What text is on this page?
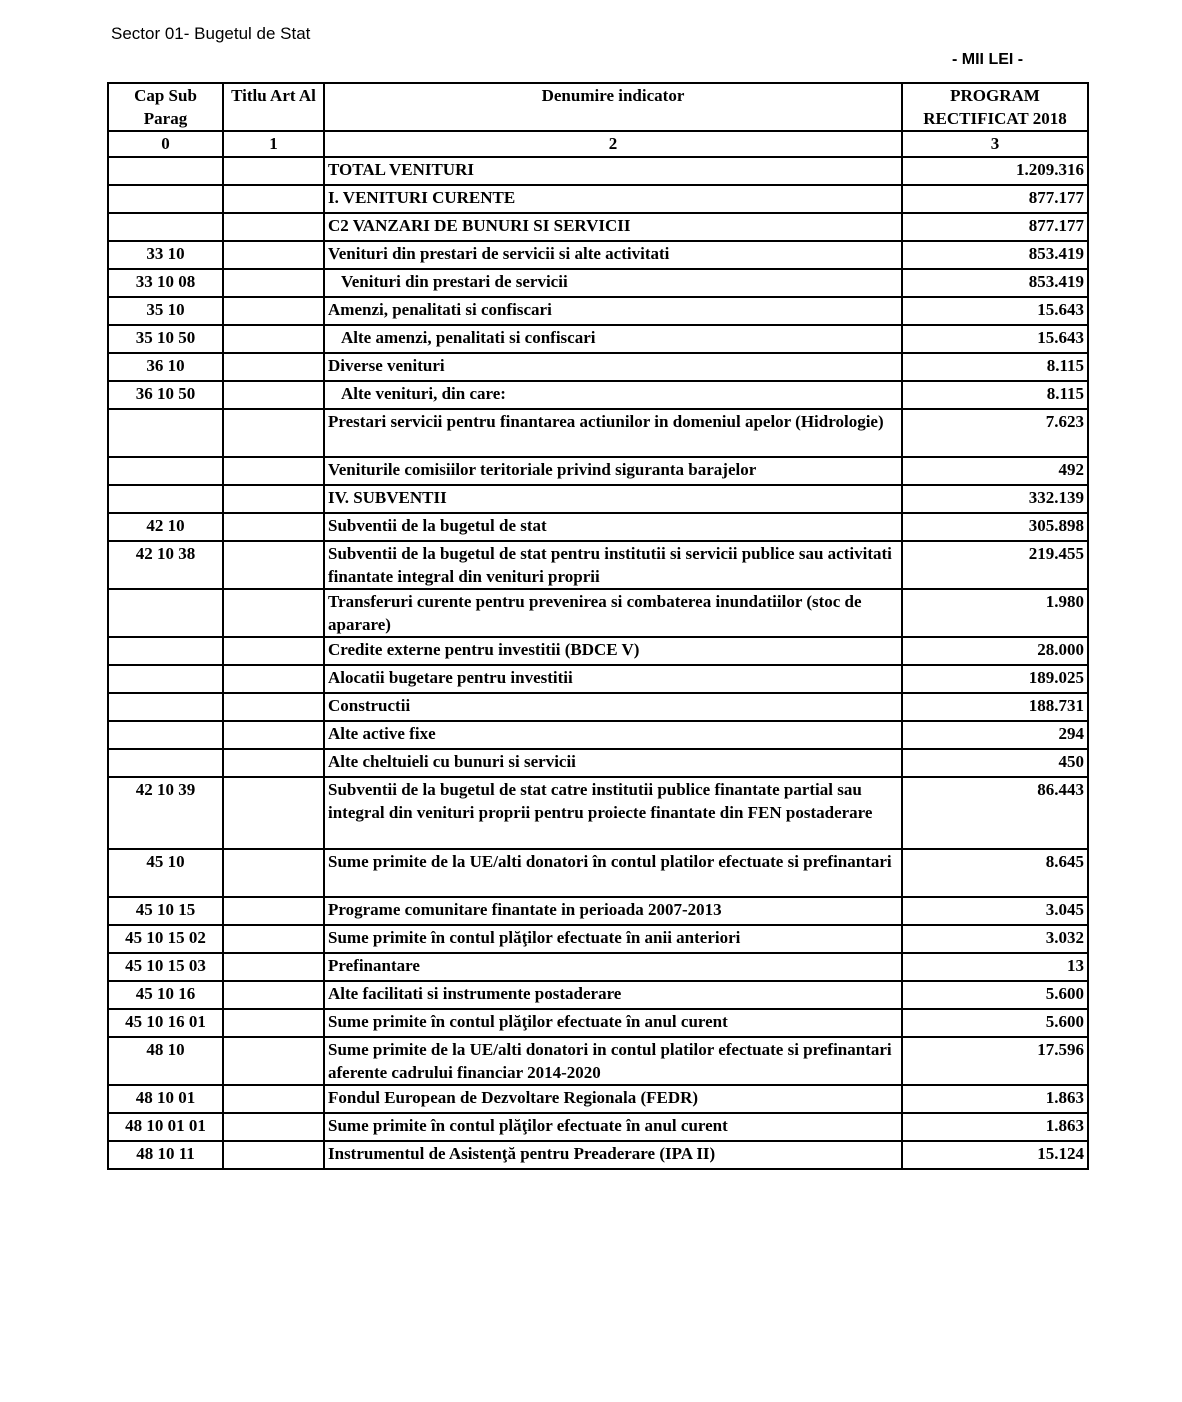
Sector 01- Bugetul de Stat
- MII LEI -
Cap Sub Parag	Titlu Art Al	Denumire indicator	PROGRAM RECTIFICAT 2018
0	1	2	3
		TOTAL VENITURI	1.209.316
		I. VENITURI CURENTE	877.177
		C2 VANZARI DE BUNURI SI SERVICII	877.177
33 10		Venituri din prestari de servicii si alte activitati	853.419
33 10 08		Venituri din prestari de servicii	853.419
35 10		Amenzi, penalitati si confiscari	15.643
35 10 50		Alte amenzi, penalitati si confiscari	15.643
36 10		Diverse venituri	8.115
36 10 50		Alte venituri, din care:	8.115
		Prestari servicii pentru finantarea actiunilor in domeniul apelor (Hidrologie)	7.623
		Veniturile comisiilor teritoriale privind siguranta barajelor	492
		IV. SUBVENTII	332.139
42 10		Subventii de la bugetul de stat	305.898
42 10 38		Subventii de la bugetul de stat pentru institutii si servicii publice sau activitati finantate integral din venituri proprii	219.455
		Transferuri curente pentru prevenirea si combaterea inundatiilor (stoc de aparare)	1.980
		Credite externe pentru investitii (BDCE V)	28.000
		Alocatii bugetare pentru investitii	189.025
		Constructii	188.731
		Alte active fixe	294
		Alte cheltuieli cu bunuri si servicii	450
42 10 39		Subventii de la bugetul de stat catre institutii publice finantate partial sau integral din venituri proprii pentru proiecte finantate din FEN postaderare	86.443
45 10		Sume primite de la UE/alti donatori în contul platilor efectuate si prefinantari	8.645
45 10 15		Programe comunitare finantate in perioada 2007-2013	3.045
45 10 15 02		Sume primite în contul plăţilor efectuate în anii anteriori	3.032
45 10 15 03		Prefinantare	13
45 10 16		Alte facilitati si instrumente postaderare	5.600
45 10 16 01		Sume primite în contul plăţilor efectuate în anul curent	5.600
48 10		Sume primite de la UE/alti donatori in contul platilor efectuate si prefinantari aferente cadrului financiar 2014-2020	17.596
48 10 01		Fondul European de Dezvoltare Regionala (FEDR)	1.863
48 10 01 01		Sume primite în contul plăţilor efectuate în anul curent	1.863
48 10 11		Instrumentul de Asistenţă pentru Preaderare (IPA II)	15.124
